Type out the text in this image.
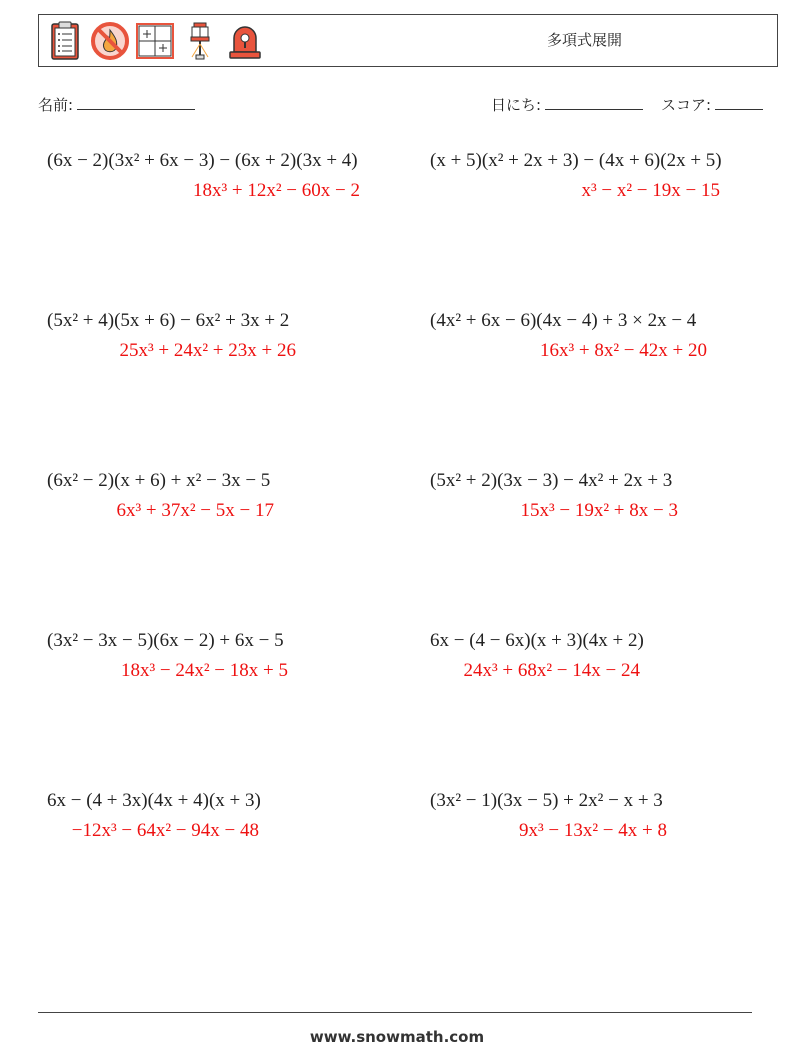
多項式展開
名前:	日にち:	スコア:
(6x − 2)(3x² + 6x − 3) − (6x + 2)(3x + 4)
18x³ + 12x² − 60x − 2
(x + 5)(x² + 2x + 3) − (4x + 6)(2x + 5)
x³ − x² − 19x − 15
(5x² + 4)(5x + 6) − 6x² + 3x + 2
25x³ + 24x² + 23x + 26
(4x² + 6x − 6)(4x − 4) + 3 × 2x − 4
16x³ + 8x² − 42x + 20
(6x² − 2)(x + 6) + x² − 3x − 5
6x³ + 37x² − 5x − 17
(5x² + 2)(3x − 3) − 4x² + 2x + 3
15x³ − 19x² + 8x − 3
(3x² − 3x − 5)(6x − 2) + 6x − 5
18x³ − 24x² − 18x + 5
6x − (4 − 6x)(x + 3)(4x + 2)
24x³ + 68x² − 14x − 24
6x − (4 + 3x)(4x + 4)(x + 3)
−12x³ − 64x² − 94x − 48
(3x² − 1)(3x − 5) + 2x² − x + 3
9x³ − 13x² − 4x + 8
www.snowmath.com
